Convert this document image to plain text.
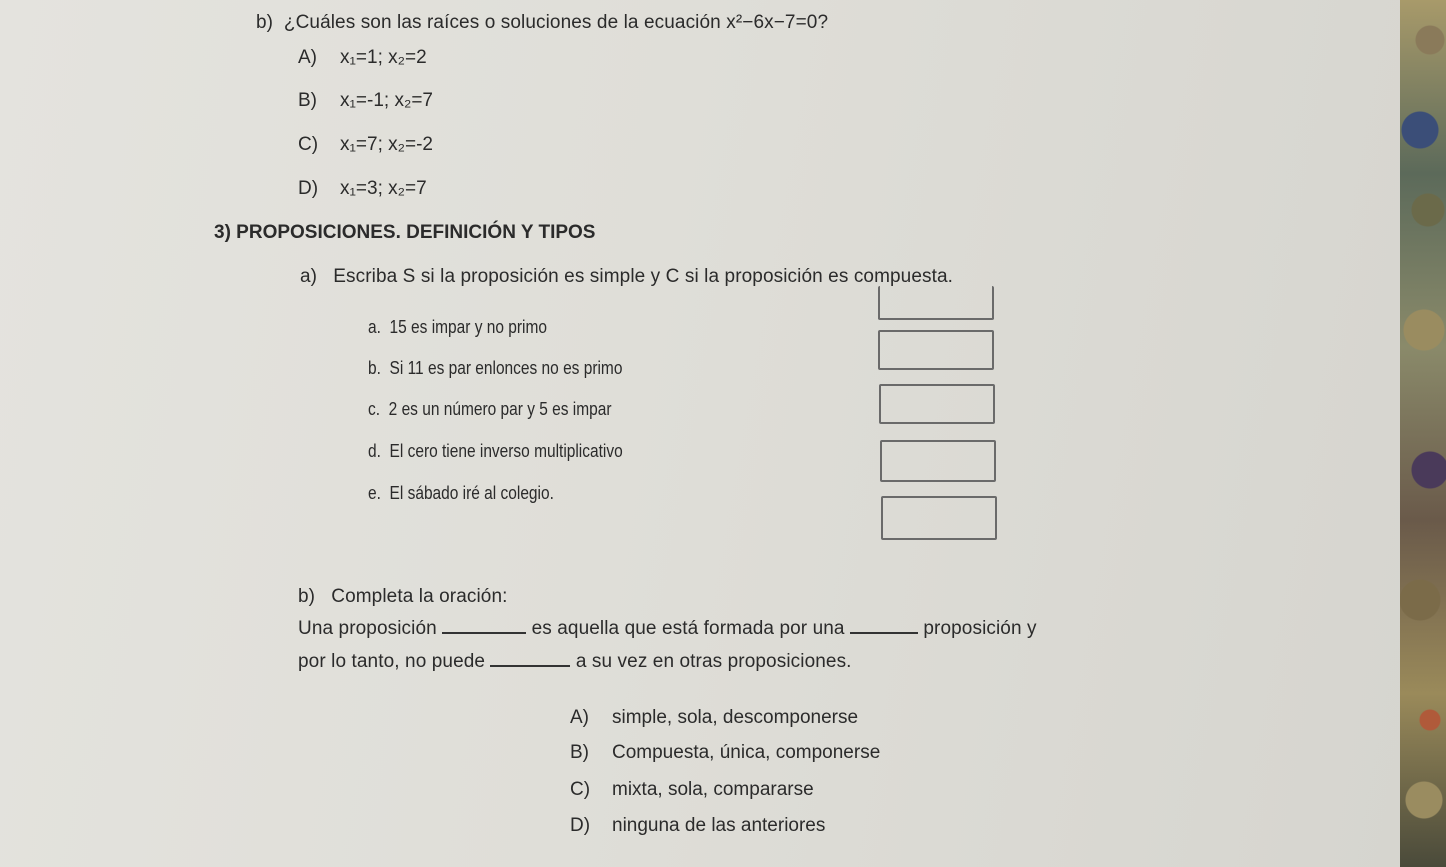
b) ¿Cuáles son las raíces o soluciones de la ecuación x²−6x−7=0?
A) x₁=1; x₂=2
B) x₁=-1; x₂=7
C) x₁=7; x₂=-2
D) x₁=3; x₂=7
3) PROPOSICIONES. DEFINICIÓN Y TIPOS
a) Escriba S si la proposición es simple y C si la proposición es compuesta.
a. 15 es impar y no primo
b. Si 11 es par enlonces no es primo
c. 2 es un número par y 5 es impar
d. El cero tiene inverso multiplicativo
e. El sábado iré al colegio.
b) Completa la oración:
Una proposición	es aquella que está formada por una	proposición y
por lo tanto, no puede	a su vez en otras proposiciones.
A) simple, sola, descomponerse
B) Compuesta, única, componerse
C) mixta, sola, compararse
D) ninguna de las anteriores
